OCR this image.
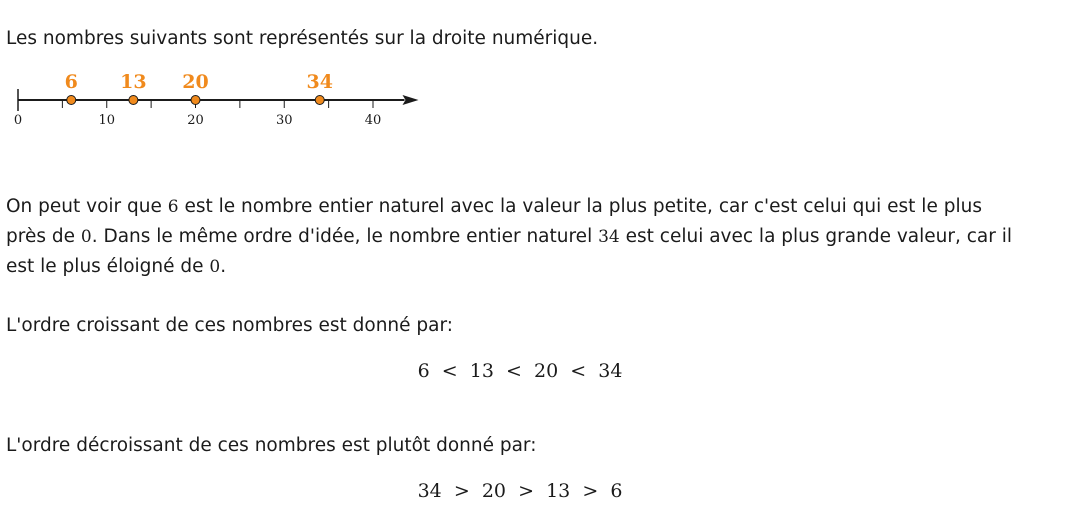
Les nombres suivants sont représentés sur la droite numérique.

0	10	20	30	40
6 13 20	34

On peut voir que 6 est le nombre entier naturel avec la valeur la plus petite, car c'est celui qui est le plus

près de 0. Dans le même ordre d'idée, le nombre entier naturel 34 est celui avec la plus grande valeur, car il

est le plus éloigné de 0.

L'ordre croissant de ces nombres est donné par:

6  <  13  <  20  <  34

L'ordre décroissant de ces nombres est plutôt donné par:

34  >  20  >  13  >  6
